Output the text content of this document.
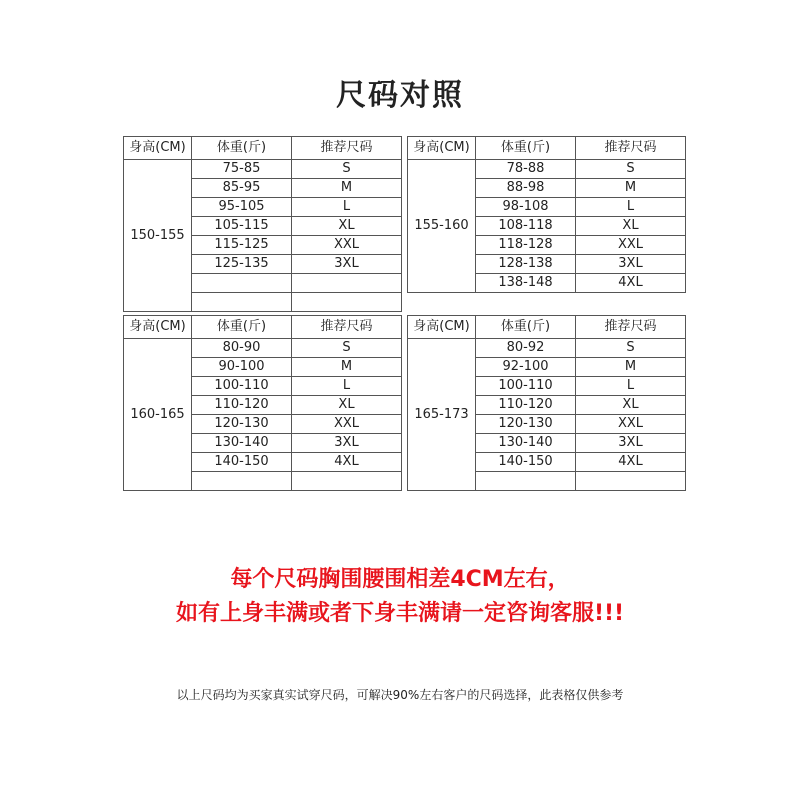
尺码对照
身高(CM)	体重(斤)	推荐尺码
150-155	75-85	S
	85-95	M
	95-105	L
	105-115	XL
	115-125	XXL
	125-135	3XL

身高(CM)	体重(斤)	推荐尺码
155-160	78-88	S
	88-98	M
	98-108	L
	108-118	XL
	118-128	XXL
	128-138	3XL
	138-148	4XL
身高(CM)	体重(斤)	推荐尺码
160-165	80-90	S
	90-100	M
	100-110	L
	110-120	XL
	120-130	XXL
	130-140	3XL
	140-150	4XL

身高(CM)	体重(斤)	推荐尺码
165-173	80-92	S
	92-100	M
	100-110	L
	110-120	XL
	120-130	XXL
	130-140	3XL
	140-150	4XL

每个尺码胸围腰围相差4CM左右，
如有上身丰满或者下身丰满请一定咨询客服!!!
以上尺码均为买家真实试穿尺码，可解决90%左右客户的尺码选择，此表格仅供参考
